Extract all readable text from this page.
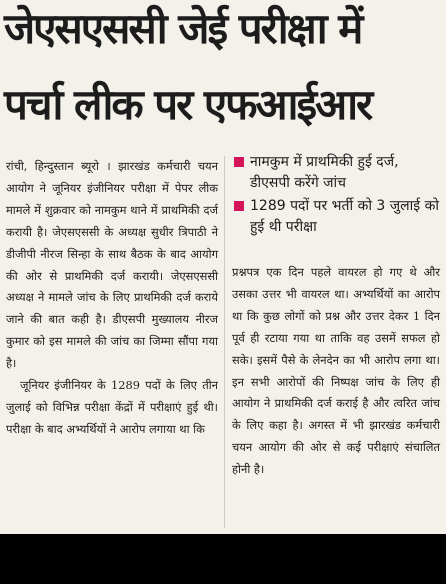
जेएसएससी जेई परीक्षा में
पर्चा लीक पर एफआईआर

रांची, हिन्दुस्तान ब्यूरो । झारखंड कर्मचारी चयन आयोग ने जूनियर इंजीनियर परीक्षा में पेपर लीक मामले में शुक्रवार को नामकुम थाने में प्राथमिकी दर्ज करायी है। जेएसएससी के अध्यक्ष सुधीर त्रिपाठी ने डीजीपी नीरज सिन्हा के साथ बैठक के बाद आयोग की ओर से प्राथमिकी दर्ज करायी। जेएसएससी अध्यक्ष ने मामले जांच के लिए प्राथमिकी दर्ज कराये जाने की बात कही है। डीएसपी मुख्यालय नीरज कुमार को इस मामले की जांच का जिम्मा सौंपा गया है।

जूनियर इंजीनियर के 1289 पदों के लिए तीन जुलाई को विभिन्न परीक्षा केंद्रों में परीक्षाएं हुई थी। परीक्षा के बाद अभ्यर्थियों ने आरोप लगाया था कि

नामकुम में प्राथमिकी हुई दर्ज, डीएसपी करेंगे जांच

1289 पदों पर भर्ती को 3 जुलाई को हुई थी परीक्षा

प्रश्नपत्र एक दिन पहले वायरल हो गए थे और उसका उत्तर भी वायरल था। अभ्यर्थियों का आरोप था कि कुछ लोगों को प्रश्न और उत्तर देकर 1 दिन पूर्व ही रटाया गया था ताकि वह उसमें सफल हो सके। इसमें पैसे के लेनदेन का भी आरोप लगा था। इन सभी आरोपों की निष्पक्ष जांच के लिए ही आयोग ने प्राथमिकी दर्ज कराई है और त्वरित जांच के लिए कहा है। अगस्त में भी झारखंड कर्मचारी चयन आयोग की ओर से कई परीक्षाएं संचालित होनी है।
